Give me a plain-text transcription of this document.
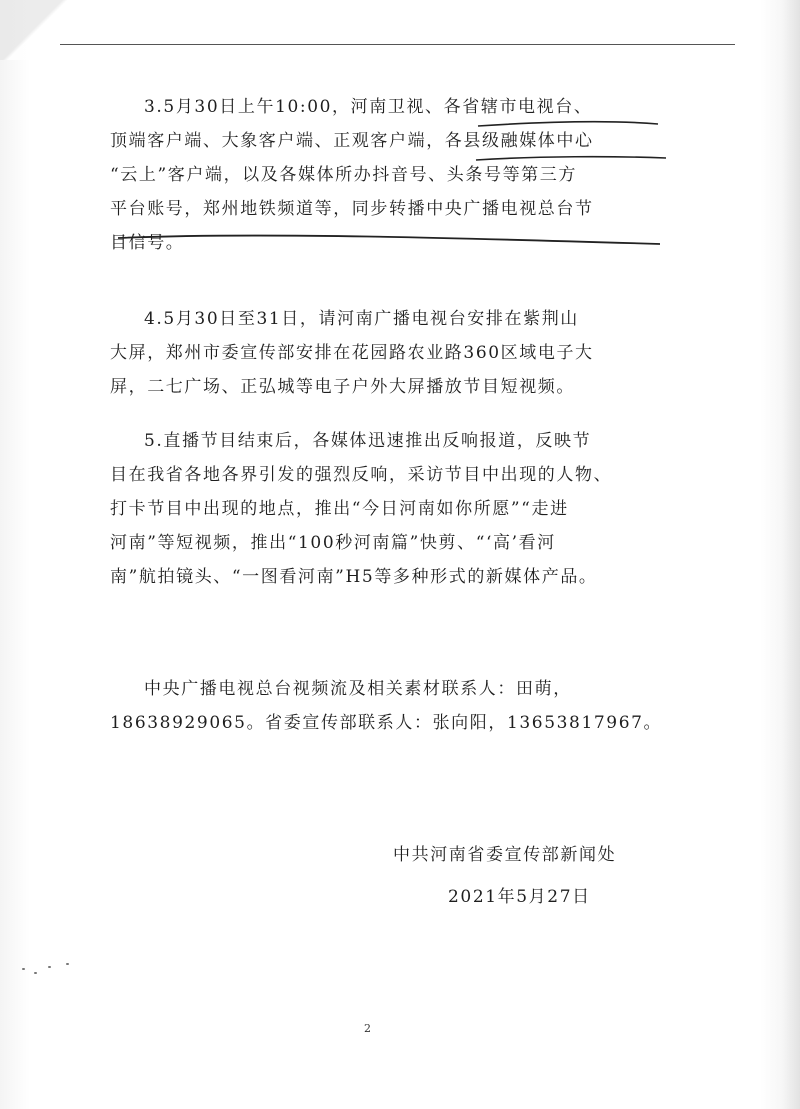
3.5月30日上午10:00，河南卫视、各省辖市电视台、
顶端客户端、大象客户端、正观客户端，各县级融媒体中心
“云上”客户端，以及各媒体所办抖音号、头条号等第三方
平台账号，郑州地铁频道等，同步转播中央广播电视总台节
目信号。
4.5月30日至31日，请河南广播电视台安排在紫荆山
大屏，郑州市委宣传部安排在花园路农业路360区域电子大
屏，二七广场、正弘城等电子户外大屏播放节目短视频。
5.直播节目结束后，各媒体迅速推出反响报道，反映节
目在我省各地各界引发的强烈反响，采访节目中出现的人物、
打卡节目中出现的地点，推出“今日河南如你所愿”“走进
河南”等短视频，推出“100秒河南篇”快剪、“‘高’看河
南”航拍镜头、“一图看河南”H5等多种形式的新媒体产品。
中央广播电视总台视频流及相关素材联系人：田萌，
18638929065。省委宣传部联系人：张向阳，13653817967。
中共河南省委宣传部新闻处
2021年5月27日
2
